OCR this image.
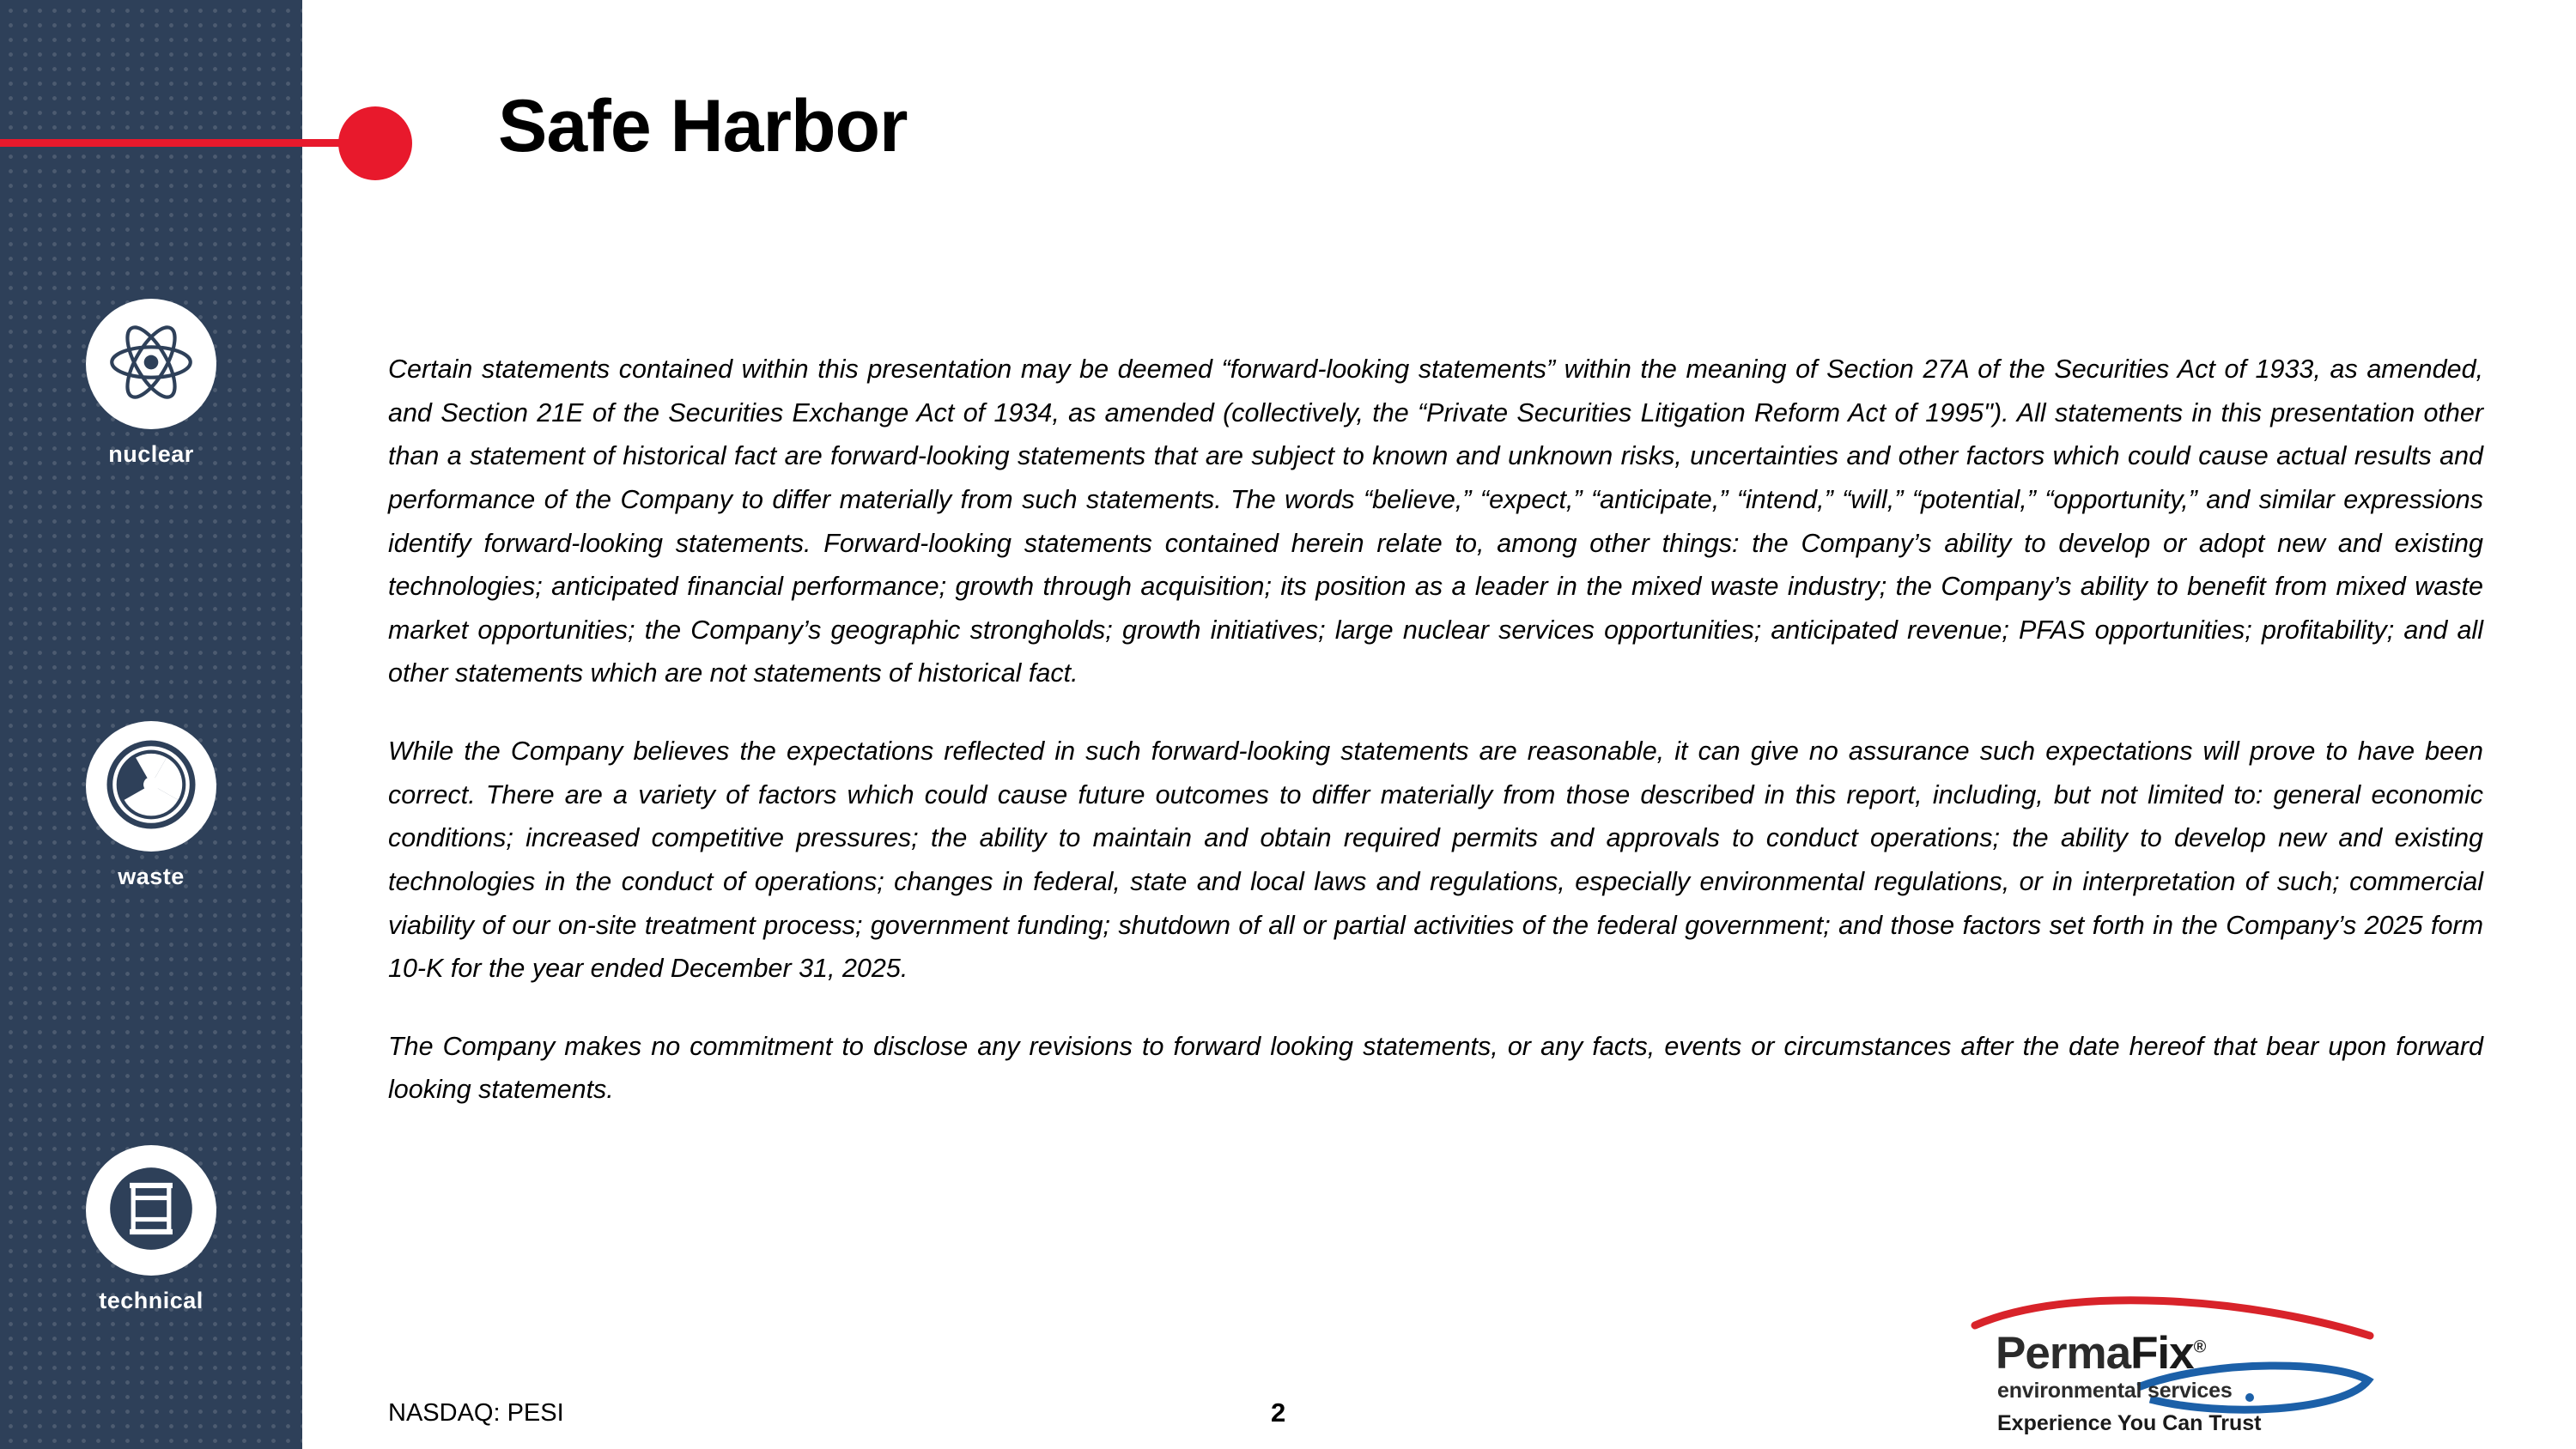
nuclear
waste
technical
Safe Harbor

Certain statements contained within this presentation may be deemed “forward-looking statements” within the meaning of Section 27A of the Securities Act of 1933, as amended, and Section 21E of the Securities Exchange Act of 1934, as amended (collectively, the “Private Securities Litigation Reform Act of 1995"). All statements in this presentation other than a statement of historical fact are forward-looking statements that are subject to known and unknown risks, uncertainties and other factors which could cause actual results and performance of the Company to differ materially from such statements. The words “believe,” “expect,” “anticipate,” “intend,” “will,” “potential,” “opportunity,” and similar expressions identify forward-looking statements. Forward-looking statements contained herein relate to, among other things: the Company’s ability to develop or adopt new and existing technologies; anticipated financial performance; growth through acquisition; its position as a leader in the mixed waste industry; the Company’s ability to benefit from mixed waste market opportunities; the Company’s geographic strongholds; growth initiatives; large nuclear services opportunities; anticipated revenue; PFAS opportunities; profitability; and all other statements which are not statements of historical fact.

While the Company believes the expectations reflected in such forward-looking statements are reasonable, it can give no assurance such expectations will prove to have been correct. There are a variety of factors which could cause future outcomes to differ materially from those described in this report, including, but not limited to: general economic conditions; increased competitive pressures; the ability to maintain and obtain required permits and approvals to conduct operations; the ability to develop new and existing technologies in the conduct of operations; changes in federal, state and local laws and regulations, especially environmental regulations, or in interpretation of such; commercial viability of our on-site treatment process; government funding; shutdown of all or partial activities of the federal government; and those factors set forth in the Company’s 2025 form 10-K for the year ended December 31, 2025.

The Company makes no commitment to disclose any revisions to forward looking statements, or any facts, events or circumstances after the date hereof that bear upon forward looking statements.

NASDAQ: PESI	2
PermaFix®
environmental services
Experience You Can Trust
